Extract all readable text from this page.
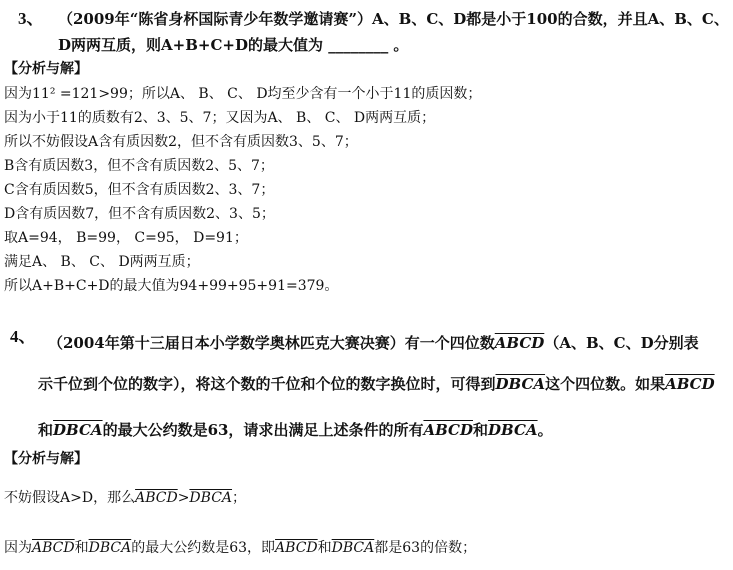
3、 （2009年“陈省身杯国际青少年数学邀请赛”）A、B、C、D都是小于100的合数，并且A、B、C、
D两两互质，则A+B+C+D的最大值为 ________ 。
【分析与解】
因为11² =121>99；所以A、 B、 C、 D均至少含有一个小于11的质因数；
因为小于11的质数有2、3、5、7；又因为A、 B、 C、 D两两互质；
所以不妨假设A含有质因数2，但不含有质因数3、5、7；
B含有质因数3，但不含有质因数2、5、7；
C含有质因数5，但不含有质因数2、3、7；
D含有质因数7，但不含有质因数2、3、5；
取A=94， B=99， C=95， D=91；
满足A、 B、 C、 D两两互质；
所以A+B+C+D的最大值为94+99+95+91=379。
4、 （2004年第十三届日本小学数学奥林匹克大赛决赛）有一个四位数ABCD（A、B、C、D分别表
示千位到个位的数字），将这个数的千位和个位的数字换位时，可得到DBCA这个四位数。如果ABCD
和DBCA的最大公约数是63，请求出满足上述条件的所有ABCD和DBCA。
【分析与解】
不妨假设A>D，那么ABCD>DBCA；
因为ABCD和DBCA的最大公约数是63，即ABCD和DBCA都是63的倍数；
